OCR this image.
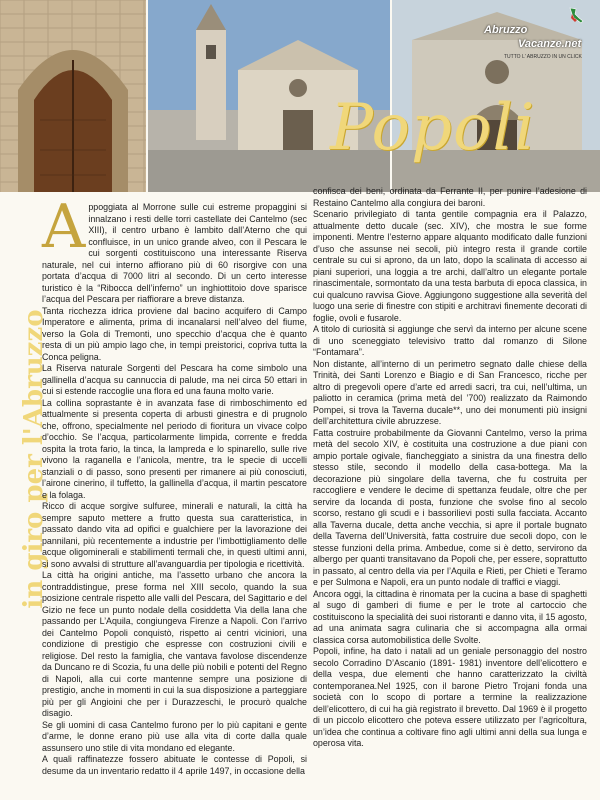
Abruzzo
Vacanze.net
TUTTO L' ABRUZZO IN UN CLICK
Popoli
in giro per l'Abruzzo
A ppoggiata al Morrone sulle cui estreme propaggini si innalzano i resti delle torri castellate dei Cantelmo (sec XIII), il centro urbano è lambito dall’Aterno che qui confluisce, in un unico grande alveo, con il Pescara le cui sorgenti costituiscono una interessante Riserva naturale, nel cui interno affiorano più di 60 risorgive con una portata d’acqua di 7000 litri al secondo. Di un certo interesse turistico è la “Ribocca dell’inferno” un inghiottitoio dove sparisce l’acqua del Pescara per riaffiorare a breve distanza.

Tanta ricchezza idrica proviene dal bacino acquifero di Campo Imperatore e alimenta, prima di incanalarsi nell’alveo del fiume, verso la Gola di Tremonti, uno specchio d’acqua che è quanto resta di un più ampio lago che, in tempi preistorici, copriva tutta la Conca peligna.

La Riserva naturale Sorgenti del Pescara ha come simbolo una gallinella d’acqua su cannuccia di palude, ma nei circa 50 ettari in cui si estende raccoglie una flora ed una fauna molto varie.

La collina soprastante è in avanzata fase di rimboschimento ed attualmente si presenta coperta di arbusti ginestra e di prugnolo che, offrono, specialmente nel periodo di fioritura un vivace colpo d’occhio. Se l’acqua, particolarmente limpida, corrente e fredda ospita la trota fario, la tinca, la lampreda e lo spinarello, sulle rive vivono la raganella e l’anicola, mentre, tra le specie di uccelli stanziali o di passo, sono presenti per rimanere ai più conosciuti, l’airone cinerino, il tuffetto, la gallinella d’acqua, il martin pescatore e la folaga.

Ricco di acque sorgive sulfuree, minerali e naturali, la città ha sempre saputo mettere a frutto questa sua caratteristica, in passato dando vita ad opifici e gualchiere per la lavorazione dei pannilani, più recentemente a industrie per l’imbottigliamento delle acque oligominerali e stabilimenti termali che, in questi ultimi anni, si sono avvalsi di strutture all’avanguardia per tipologia e ricettività.

La città ha origini antiche, ma l’assetto urbano che ancora la contraddistingue, prese forma nel XIII secolo, quando la sua posizione centrale rispetto alle valli del Pescara, del Sagittario e del Gizio ne fece un punto nodale della cosiddetta Via della lana che passando per L’Aquila, congiungeva Firenze a Napoli. Con l’arrivo dei Cantelmo Popoli conquistò, rispetto ai centri viciniori, una condizione di prestigio che espresse con costruzioni civili e religiose. Del resto la famiglia, che vantava favolose discendenze da Duncano re di Scozia, fu una delle più nobili e potenti del Regno di Napoli, alla cui corte mantenne sempre una posizione di prestigio, anche in momenti in cui la sua disposizione a parteggiare più per gli Angioini che per i Durazzeschi, le procurò qualche disagio.

Se gli uomini di casa Cantelmo furono per lo più capitani e gente d’arme, le donne erano più use alla vita di corte dalla quale assunsero uno stile di vita mondano ed elegante.

A quali raffinatezze fossero abituate le contesse di Popoli, si desume da un inventario redatto il 4 aprile 1497, in occasione della

confisca dei beni, ordinata da Ferrante II, per punire l’adesione di Restaino Cantelmo alla congiura dei baroni.

Scenario privilegiato di tanta gentile compagnia era il Palazzo, attualmente detto ducale (sec. XIV), che mostra le sue forme imponenti. Mentre l’esterno appare alquanto modificato dalle funzioni d’uso che assunse nei secoli, più integro resta il grande cortile centrale su cui si aprono, da un lato, dopo la scalinata di accesso ai piani superiori, una loggia a tre archi, dall’altro un elegante portale rinascimentale, sormontato da una testa barbuta di epoca classica, in cui qualcuno ravvisa Giove. Aggiungono suggestione alla severità del luogo una serie di finestre con stipiti e architravi finemente decorati di foglie, ovoli e fusarole.

A titolo di curiosità si aggiunge che servì da interno per alcune scene di uno sceneggiato televisivo tratto dal romanzo di Silone “Fontamara”.

Non distante, all’interno di un perimetro segnato dalle chiese della Trinità, dei Santi Lorenzo e Biagio e di San Francesco, ricche per altro di pregevoli opere d’arte ed arredi sacri, tra cui, nell’ultima, un paliotto in ceramica (prima metà del ’700) realizzato da Raimondo Pompei, si trova la Taverna ducale**, uno dei monumenti più insigni dell’architettura civile abruzzese.

Fatta costruire probabilmente da Giovanni Cantelmo, verso la prima metà del secolo XIV, è costituita una costruzione a due piani con ampio portale ogivale, fiancheggiato a sinistra da una finestra dello stesso stile, secondo il modello della casa-bottega. Ma la decorazione più singolare della taverna, che fu costruita per raccogliere e vendere le decime di spettanza feudale, oltre che per servire da locanda di posta, funzione che svolse fino al secolo scorso, restano gli scudi e i bassorilievi posti sulla facciata. Accanto alla Taverna ducale, detta anche vecchia, si apre il portale bugnato della Taverna dell’Università, fatta costruire due secoli dopo, con le stesse funzioni della prima. Ambedue, come si è detto, servirono da albergo per quanti transitavano da Popoli che, per essere, soprattutto in passato, al centro della via per l’Aquila e Rieti, per Chieti e Teramo e per Sulmona e Napoli, era un punto nodale di traffici e viaggi.

Ancora oggi, la cittadina è rinomata per la cucina a base di spaghetti al sugo di gamberi di fiume e per le trote al cartoccio che costituiscono la specialità dei suoi ristoranti e danno vita, il 15 agosto, ad una animata sagra culinaria che si accompagna alla ormai classica corsa automobilistica delle Svolte.

Popoli, infine, ha dato i natali ad un geniale personaggio del nostro secolo Corradino D’Ascanio (1891- 1981) inventore dell’elicottero e della vespa, due elementi che hanno caratterizzato la civiltà contemporanea.Nel 1925, con il barone Pietro Trojani fonda una società con lo scopo di portare a termine la realizzazione dell’elicottero, di cui ha già registrato il brevetto. Dal 1969 è il progetto di un piccolo elicottero che poteva essere utilizzato per l’agricoltura, un’idea che continua a coltivare fino agli ultimi anni della sua lunga e operosa vita.
